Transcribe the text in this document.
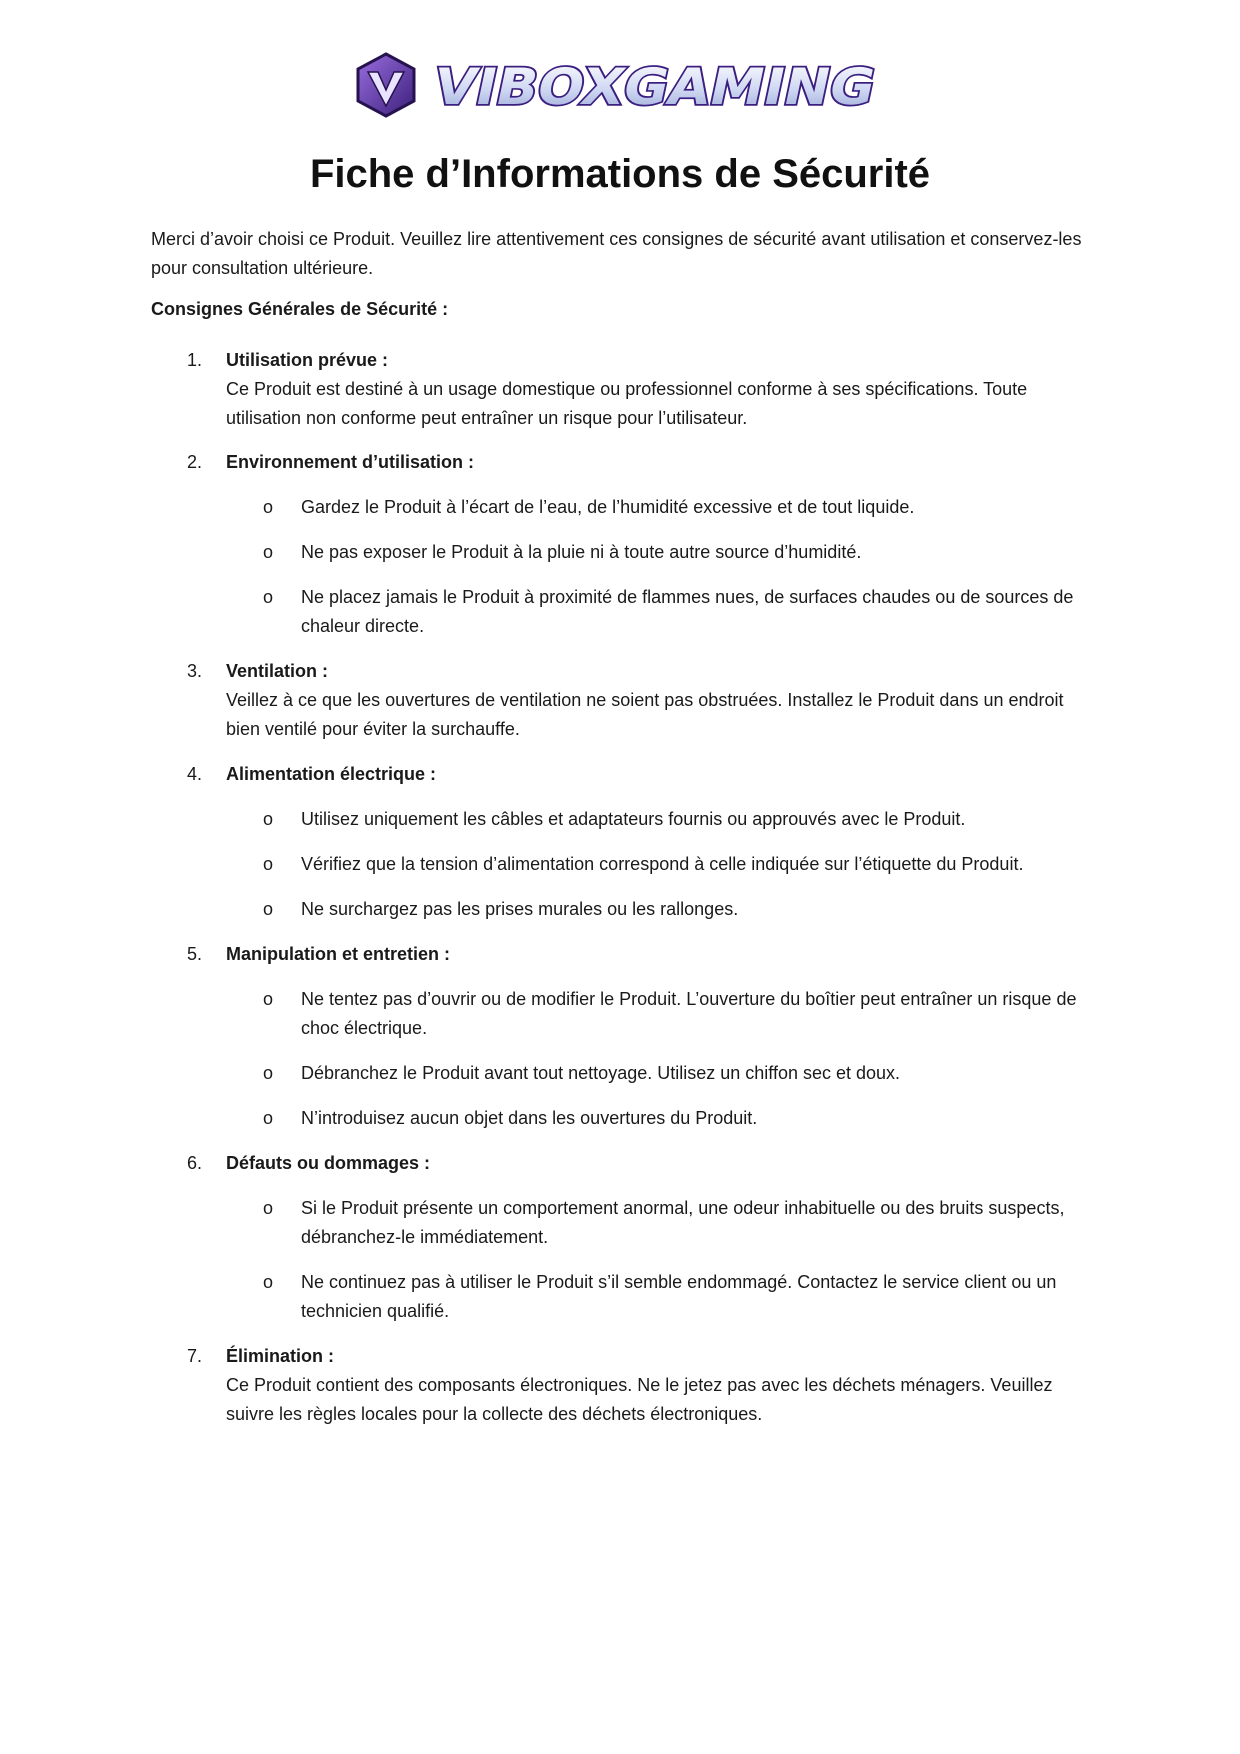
VIBOXGAMING
Fiche d’Informations de Sécurité

Merci d’avoir choisi ce Produit. Veuillez lire attentivement ces consignes de sécurité avant utilisation et conservez-les pour consultation ultérieure.

Consignes Générales de Sécurité :
1. Utilisation prévue :
Ce Produit est destiné à un usage domestique ou professionnel conforme à ses spécifications. Toute utilisation non conforme peut entraîner un risque pour l’utilisateur.
2. Environnement d’utilisation :
o Gardez le Produit à l’écart de l’eau, de l’humidité excessive et de tout liquide.
o Ne pas exposer le Produit à la pluie ni à toute autre source d’humidité.
o Ne placez jamais le Produit à proximité de flammes nues, de surfaces chaudes ou de sources de chaleur directe.
3. Ventilation :
Veillez à ce que les ouvertures de ventilation ne soient pas obstruées. Installez le Produit dans un endroit bien ventilé pour éviter la surchauffe.
4. Alimentation électrique :
o Utilisez uniquement les câbles et adaptateurs fournis ou approuvés avec le Produit.
o Vérifiez que la tension d’alimentation correspond à celle indiquée sur l’étiquette du Produit.
o Ne surchargez pas les prises murales ou les rallonges.
5. Manipulation et entretien :
o Ne tentez pas d’ouvrir ou de modifier le Produit. L’ouverture du boîtier peut entraîner un risque de choc électrique.
o Débranchez le Produit avant tout nettoyage. Utilisez un chiffon sec et doux.
o N’introduisez aucun objet dans les ouvertures du Produit.
6. Défauts ou dommages :
o Si le Produit présente un comportement anormal, une odeur inhabituelle ou des bruits suspects, débranchez-le immédiatement.
o Ne continuez pas à utiliser le Produit s’il semble endommagé. Contactez le service client ou un technicien qualifié.
7. Élimination :
Ce Produit contient des composants électroniques. Ne le jetez pas avec les déchets ménagers. Veuillez suivre les règles locales pour la collecte des déchets électroniques.
